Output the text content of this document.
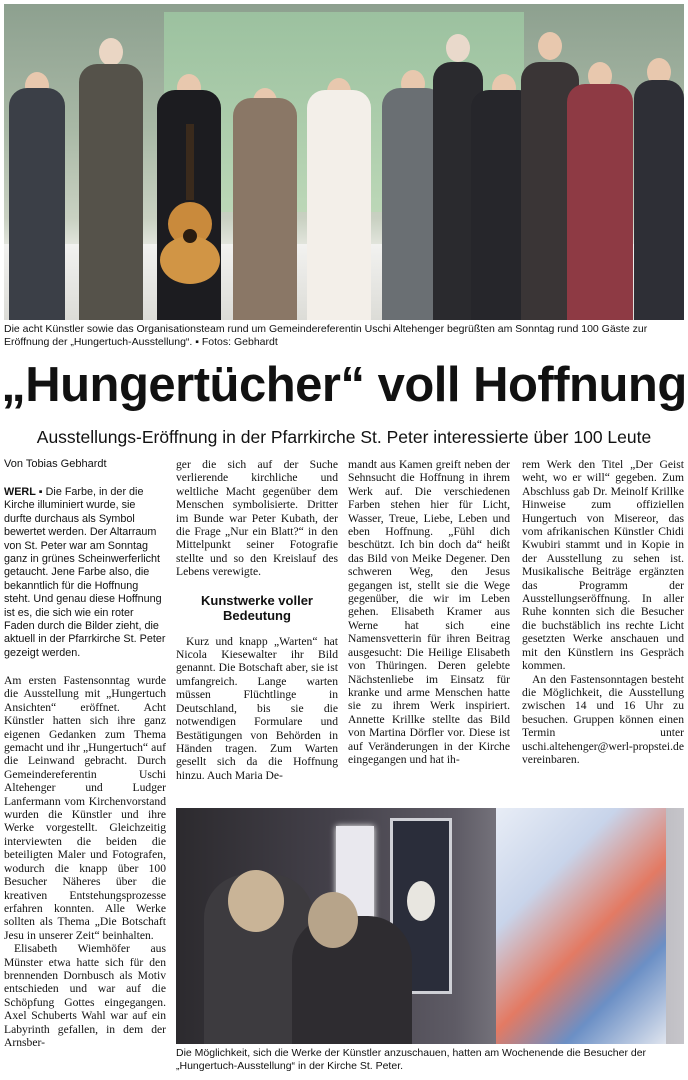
Die acht Künstler sowie das Organisationsteam rund um Gemeindereferentin Uschi Altehenger begrüßten am Sonntag rund 100 Gäste zur Eröffnung der „Hungertuch-Ausstellung“. ▪ Fotos: Gebhardt
„Hungertücher“ voll Hoffnung
Ausstellungs-Eröffnung in der Pfarrkirche St. Peter interessierte über 100 Leute
Von Tobias Gebhardt
WERL ▪ Die Farbe, in der die Kirche illuminiert wurde, sie durfte durchaus als Symbol bewertet werden. Der Altarraum von St. Peter war am Sonntag ganz in grünes Scheinwerferlicht getaucht. Jene Farbe also, die bekanntlich für die Hoffnung steht. Und genau diese Hoffnung ist es, die sich wie ein roter Faden durch die Bilder zieht, die aktuell in der Pfarrkirche St. Peter gezeigt werden.

Am ersten Fastensonntag wurde die Ausstellung mit „Hungertuch Ansichten“ eröffnet. Acht Künstler hatten sich ihre ganz eigenen Gedanken zum Thema gemacht und ihr „Hungertuch“ auf die Leinwand gebracht. Durch Gemeindereferentin Uschi Altehenger und Ludger Lanfermann vom Kirchenvorstand wurden die Künstler und ihre Werke vorgestellt. Gleichzeitig interviewten die beiden die beteiligten Maler und Fotografen, wodurch die knapp über 100 Besucher Näheres über die kreativen Entstehungsprozesse erfahren konnten. Alle Werke sollten als Thema „Die Botschaft Jesu in unserer Zeit“ beinhalten.

Elisabeth Wiemhöfer aus Münster etwa hatte sich für den brennenden Dornbusch als Motiv entschieden und war auf die Schöpfung Gottes eingegangen. Axel Schuberts Wahl war auf ein Labyrinth gefallen, in dem der Arnsber-

ger die sich auf der Suche verlierende kirchliche und weltliche Macht gegenüber dem Menschen symbolisierte. Dritter im Bunde war Peter Kubath, der die Frage „Nur ein Blatt?“ in den Mittelpunkt seiner Fotografie stellte und so den Kreislauf des Lebens verewigte.

Kunstwerke voller Bedeutung

Kurz und knapp „Warten“ hat Nicola Kiesewalter ihr Bild genannt. Die Botschaft aber, sie ist umfangreich. Lange warten müssen Flüchtlinge in Deutschland, bis sie die notwendigen Formulare und Bestätigungen von Behörden in Händen tragen. Zum Warten gesellt sich da die Hoffnung hinzu. Auch Maria De-

mandt aus Kamen greift neben der Sehnsucht die Hoffnung in ihrem Werk auf. Die verschiedenen Farben stehen hier für Licht, Wasser, Treue, Liebe, Leben und eben Hoffnung. „Fühl dich beschützt. Ich bin doch da“ heißt das Bild von Meike Degener. Den schweren Weg, den Jesus gegangen ist, stellt sie die Wege gegenüber, die wir im Leben gehen. Elisabeth Kramer aus Werne hat sich eine Namensvetterin für ihren Beitrag ausgesucht: Die Heilige Elisabeth von Thüringen. Deren gelebte Nächstenliebe im Einsatz für kranke und arme Menschen hatte sie zu ihrem Werk inspiriert. Annette Krillke stellte das Bild von Martina Dörfler vor. Diese ist auf Veränderungen in der Kirche eingegangen und hat ih-

rem Werk den Titel „Der Geist weht, wo er will“ gegeben. Zum Abschluss gab Dr. Meinolf Krillke Hinweise zum offiziellen Hungertuch von Misereor, das vom afrikanischen Künstler Chidi Kwubiri stammt und in Kopie in der Ausstellung zu sehen ist. Musikalische Beiträge ergänzten das Programm der Ausstellungseröffnung. In aller Ruhe konnten sich die Besucher die buchstäblich ins rechte Licht gesetzten Werke anschauen und mit den Künstlern ins Gespräch kommen.

An den Fastensonntagen besteht die Möglichkeit, die Ausstellung zwischen 14 und 16 Uhr zu besuchen. Gruppen können einen Termin unter uschi.altehenger@werl-propstei.de vereinbaren.

Die Möglichkeit, sich die Werke der Künstler anzuschauen, hatten am Wochenende die Besucher der „Hungertuch-Ausstellung“ in der Kirche St. Peter.
